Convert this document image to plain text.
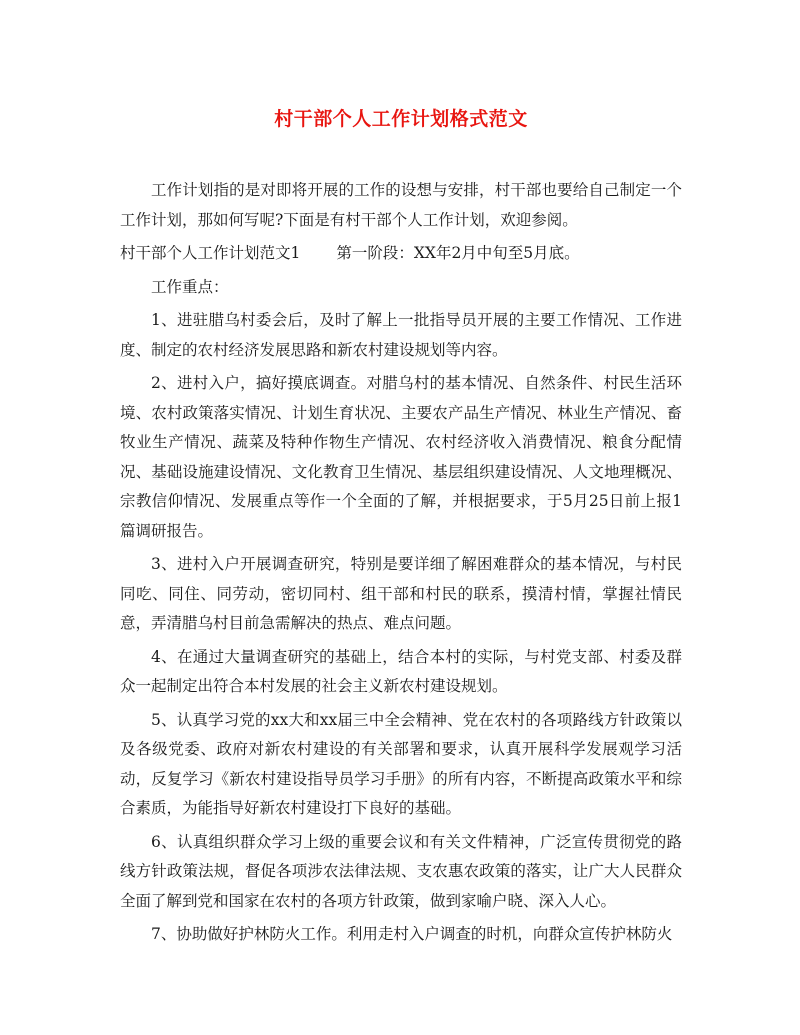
村干部个人工作计划格式范文

工作计划指的是对即将开展的工作的设想与安排，村干部也要给自己制定一个工作计划，那如何写呢?下面是有村干部个人工作计划，欢迎参阅。

村干部个人工作计划范文1 第一阶段：XX年2月中旬至5月底。

工作重点：

1、进驻腊乌村委会后，及时了解上一批指导员开展的主要工作情况、工作进度、制定的农村经济发展思路和新农村建设规划等内容。

2、进村入户，搞好摸底调查。对腊乌村的基本情况、自然条件、村民生活环境、农村政策落实情况、计划生育状况、主要农产品生产情况、林业生产情况、畜牧业生产情况、蔬菜及特种作物生产情况、农村经济收入消费情况、粮食分配情况、基础设施建设情况、文化教育卫生情况、基层组织建设情况、人文地理概况、宗教信仰情况、发展重点等作一个全面的了解，并根据要求，于5月25日前上报1篇调研报告。

3、进村入户开展调查研究，特别是要详细了解困难群众的基本情况，与村民同吃、同住、同劳动，密切同村、组干部和村民的联系，摸清村情，掌握社情民意，弄清腊乌村目前急需解决的热点、难点问题。

4、在通过大量调查研究的基础上，结合本村的实际，与村党支部、村委及群众一起制定出符合本村发展的社会主义新农村建设规划。

5、认真学习党的xx大和xx届三中全会精神、党在农村的各项路线方针政策以及各级党委、政府对新农村建设的有关部署和要求，认真开展科学发展观学习活动，反复学习《新农村建设指导员学习手册》的所有内容，不断提高政策水平和综合素质，为能指导好新农村建设打下良好的基础。

6、认真组织群众学习上级的重要会议和有关文件精神，广泛宣传贯彻党的路线方针政策法规，督促各项涉农法律法规、支农惠农政策的落实，让广大人民群众全面了解到党和国家在农村的各项方针政策，做到家喻户晓、深入人心。

7、协助做好护林防火工作。利用走村入户调查的时机，向群众宣传护林防火
